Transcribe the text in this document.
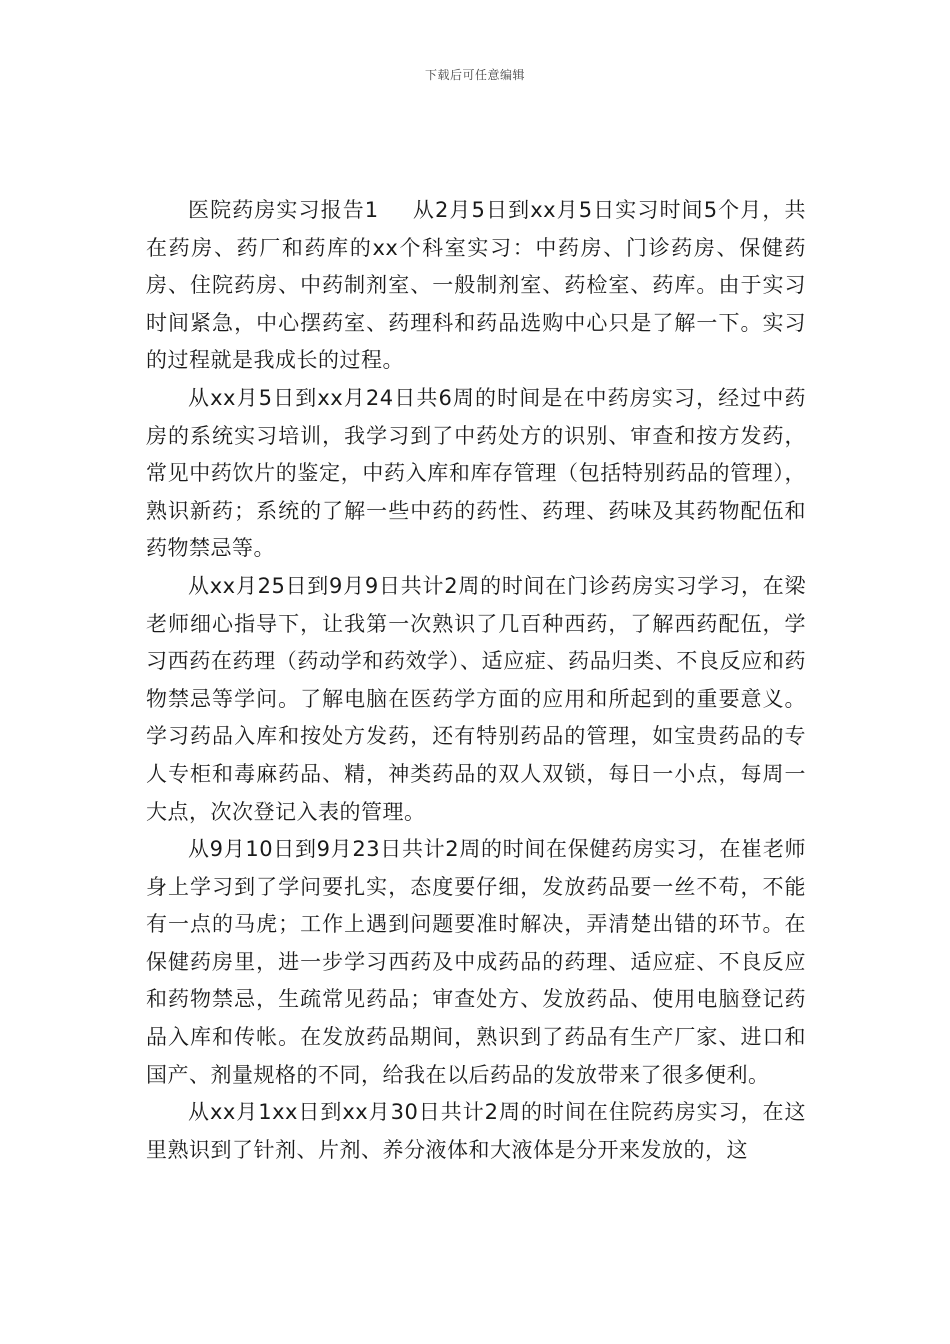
下载后可任意编辑

医院药房实习报告1 从2月5日到xx月5日实习时间5个月，共在药房、药厂和药库的xx个科室实习：中药房、门诊药房、保健药房、住院药房、中药制剂室、一般制剂室、药检室、药库。由于实习时间紧急，中心摆药室、药理科和药品选购中心只是了解一下。实习的过程就是我成长的过程。

从xx月5日到xx月24日共6周的时间是在中药房实习，经过中药房的系统实习培训，我学习到了中药处方的识别、审查和按方发药，常见中药饮片的鉴定，中药入库和库存管理（包括特别药品的管理），熟识新药；系统的了解一些中药的药性、药理、药味及其药物配伍和药物禁忌等。

从xx月25日到9月9日共计2周的时间在门诊药房实习学习，在梁老师细心指导下，让我第一次熟识了几百种西药，了解西药配伍，学习西药在药理（药动学和药效学）、适应症、药品归类、不良反应和药物禁忌等学问。了解电脑在医药学方面的应用和所起到的重要意义。学习药品入库和按处方发药，还有特别药品的管理，如宝贵药品的专人专柜和毒麻药品、精，神类药品的双人双锁，每日一小点，每周一大点，次次登记入表的管理。

从9月10日到9月23日共计2周的时间在保健药房实习，在崔老师身上学习到了学问要扎实，态度要仔细，发放药品要一丝不苟，不能有一点的马虎；工作上遇到问题要准时解决，弄清楚出错的环节。在保健药房里，进一步学习西药及中成药品的药理、适应症、不良反应和药物禁忌，生疏常见药品；审查处方、发放药品、使用电脑登记药品入库和传帐。在发放药品期间，熟识到了药品有生产厂家、进口和国产、剂量规格的不同，给我在以后药品的发放带来了很多便利。

从xx月1xx日到xx月30日共计2周的时间在住院药房实习，在这里熟识到了针剂、片剂、养分液体和大液体是分开来发放的，这
